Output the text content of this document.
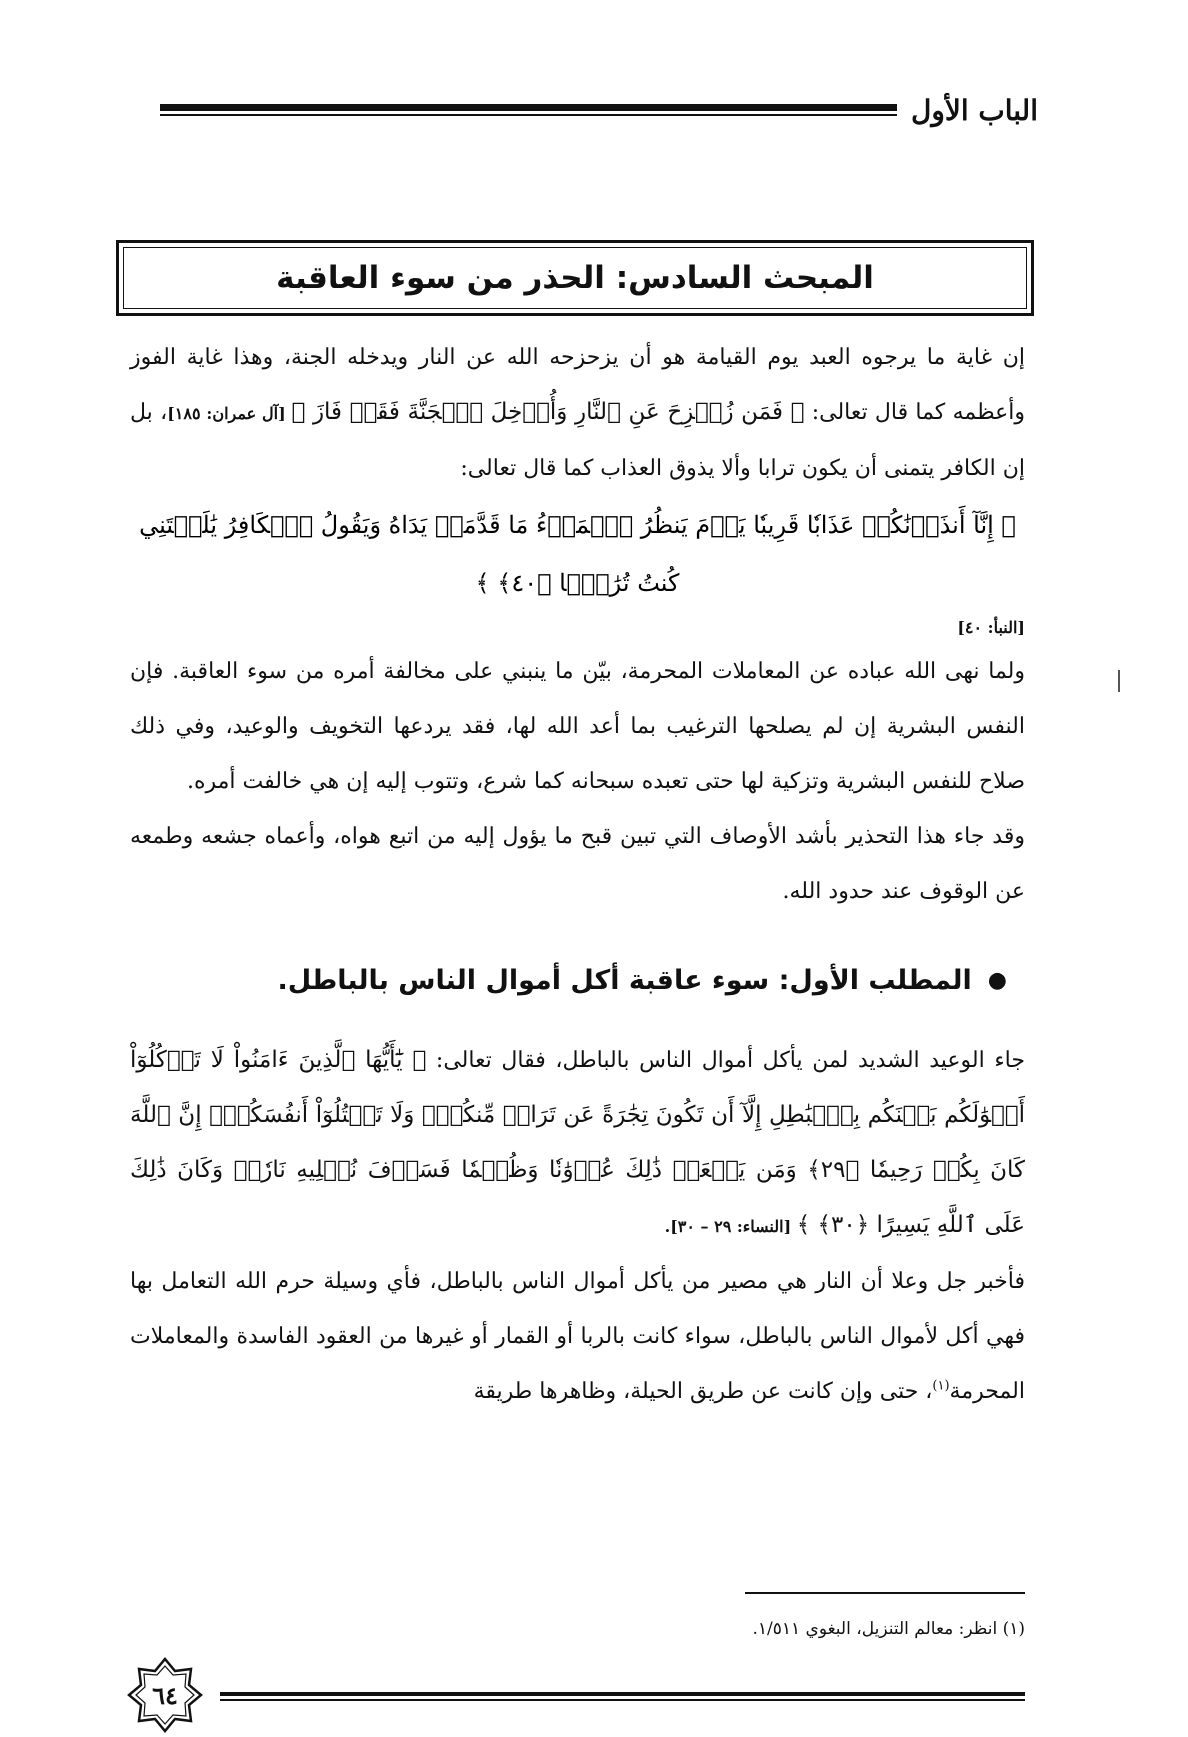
الباب الأول
المبحث السادس: الحذر من سوء العاقبة

إن غاية ما يرجوه العبد يوم القيامة هو أن يزحزحه الله عن النار ويدخله الجنة، وهذا غاية الفوز وأعظمه كما قال تعالى: ﴿ فَمَن زُحۡزِحَ عَنِ ٱلنَّارِ وَأُدۡخِلَ ٱلۡجَنَّةَ فَقَدۡ فَازَ ﴾ [آل عمران: ١٨٥]، بل إن الكافر يتمنى أن يكون ترابا وألا يذوق العذاب كما قال تعالى:

﴿ إِنَّآ أَنذَرۡنَٰكُمۡ عَذَابٗا قَرِيبٗا يَوۡمَ يَنظُرُ ٱلۡمَرۡءُ مَا قَدَّمَتۡ يَدَاهُ وَيَقُولُ ٱلۡكَافِرُ يَٰلَيۡتَنِي كُنتُ تُرَٰبَۢا ﴿٤٠﴾ ﴾

[النبأ: ٤٠]

ولما نهى الله عباده عن المعاملات المحرمة، بيّن ما ينبني على مخالفة أمره من سوء العاقبة. فإن النفس البشرية إن لم يصلحها الترغيب بما أعد الله لها، فقد يردعها التخويف والوعيد، وفي ذلك صلاح للنفس البشرية وتزكية لها حتى تعبده سبحانه كما شرع، وتتوب إليه إن هي خالفت أمره.

وقد جاء هذا التحذير بأشد الأوصاف التي تبين قبح ما يؤول إليه من اتبع هواه، وأعماه جشعه وطمعه عن الوقوف عند حدود الله.

●
المطلب الأول: سوء عاقبة أكل أموال الناس بالباطل.

جاء الوعيد الشديد لمن يأكل أموال الناس بالباطل، فقال تعالى: ﴿ يَٰٓأَيُّهَا ٱلَّذِينَ ءَامَنُواْ لَا تَأۡكُلُوٓاْ أَمۡوَٰلَكُم بَيۡنَكُم بِٱلۡبَٰطِلِ إِلَّآ أَن تَكُونَ تِجَٰرَةً عَن تَرَاضٖ مِّنكُمۡۚ وَلَا تَقۡتُلُوٓاْ أَنفُسَكُمۡۚ إِنَّ ٱللَّهَ كَانَ بِكُمۡ رَحِيمٗا ﴿٢٩﴾ وَمَن يَفۡعَلۡ ذَٰلِكَ عُدۡوَٰنٗا وَظُلۡمٗا فَسَوۡفَ نُصۡلِيهِ نَارٗاۚ وَكَانَ ذَٰلِكَ عَلَى ٱللَّهِ يَسِيرًا ﴿٣٠﴾ ﴾ [النساء: ٢٩ – ٣٠].

فأخبر جل وعلا أن النار هي مصير من يأكل أموال الناس بالباطل، فأي وسيلة حرم الله التعامل بها فهي أكل لأموال الناس بالباطل، سواء كانت بالربا أو القمار أو غيرها من العقود الفاسدة والمعاملات المحرمة$^{(١)}$، حتى وإن كانت عن طريق الحيلة، وظاهرها طريقة

(١) انظر: معالم التنزيل، البغوي ١/٥١١.
٦٤
